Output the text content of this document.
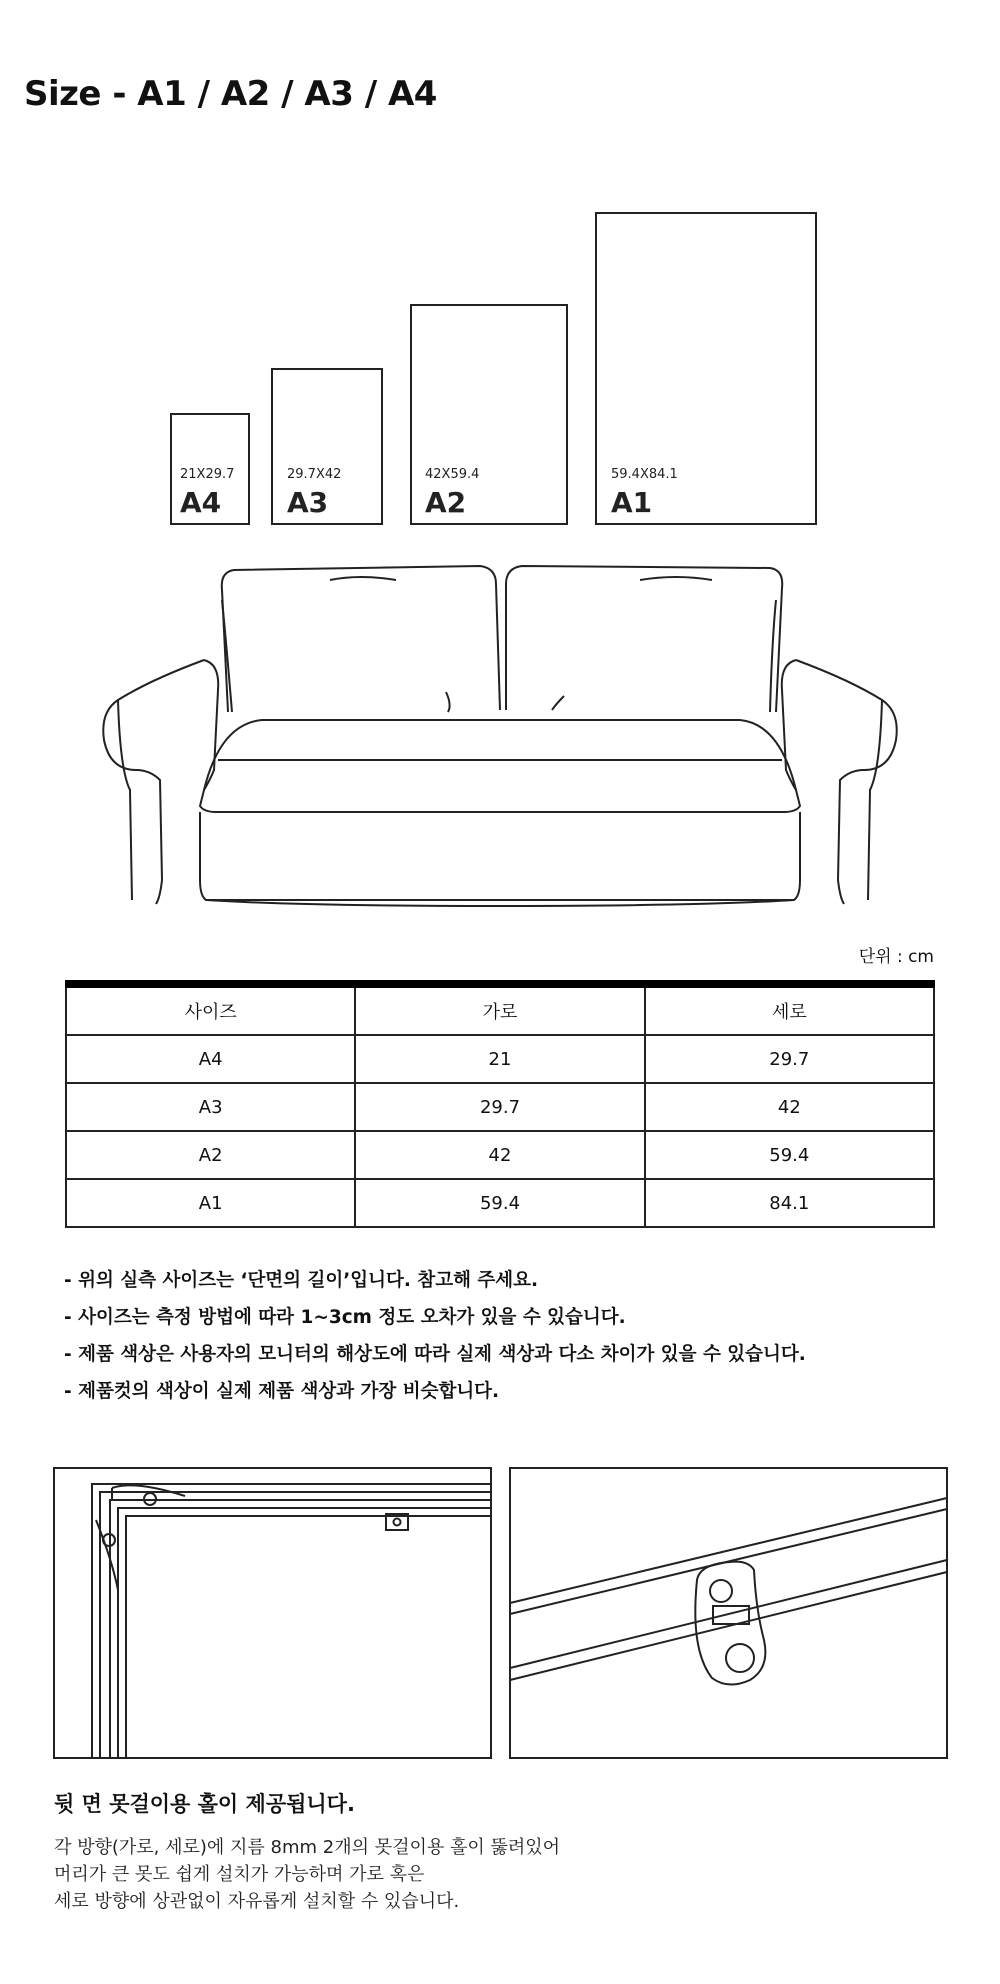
Size - A1 / A2 / A3 / A4
21X29.7
A4
29.7X42
A3
42X59.4
A2
59.4X84.1
A1
단위 : cm
사이즈	가로	세로
A4	21	29.7
A3	29.7	42
A2	42	59.4
A1	59.4	84.1
- 위의 실측 사이즈는 ‘단면의 길이’입니다. 참고해 주세요.
- 사이즈는 측정 방법에 따라 1~3cm 정도 오차가 있을 수 있습니다.
- 제품 색상은 사용자의 모니터의 해상도에 따라 실제 색상과 다소 차이가 있을 수 있습니다.
- 제품컷의 색상이 실제 제품 색상과 가장 비슷합니다.
뒷 면 못걸이용 홀이 제공됩니다.
각 방향(가로, 세로)에 지름 8mm 2개의 못걸이용 홀이 뚫려있어
머리가 큰 못도 쉽게 설치가 가능하며 가로 혹은
세로 방향에 상관없이 자유롭게 설치할 수 있습니다.
